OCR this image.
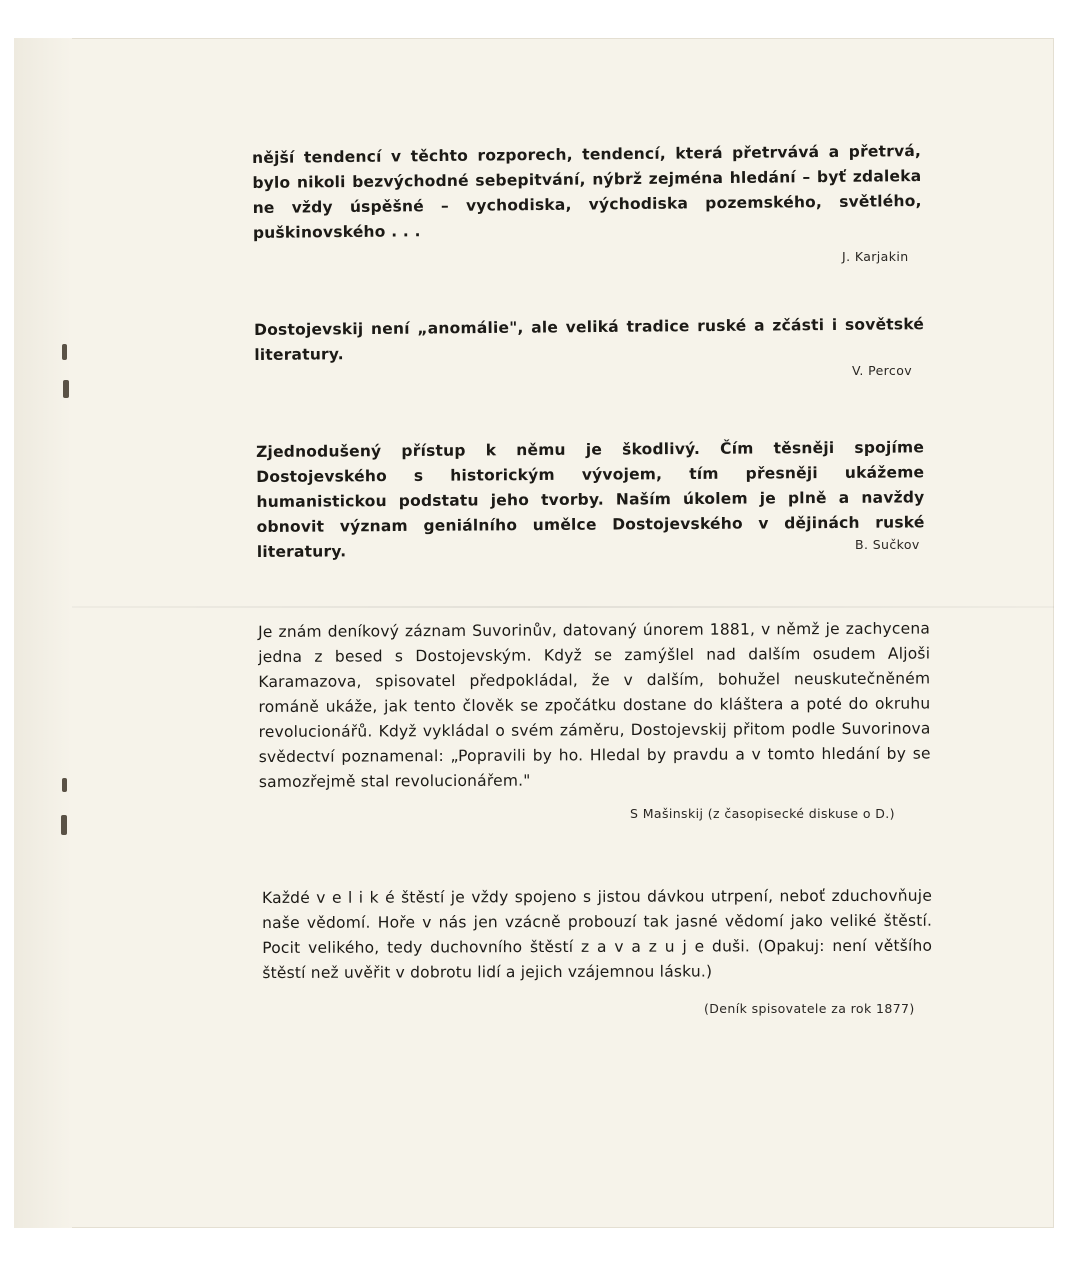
nější tendencí v těchto rozporech, tendencí, která přetrvává a přetrvá, bylo nikoli bezvýchodné sebepitvání, nýbrž zejména hledání – byť zdaleka ne vždy úspěšné – vychodiska, východiska pozemského, světlého, puškinovského . . .

J. Karjakin

Dostojevskij není „anomálie", ale veliká tradice ruské a zčásti i sovětské literatury.

V. Percov

Zjednodušený přístup k němu je škodlivý. Čím těsněji spojíme Dostojevského s historickým vývojem, tím přesněji ukážeme humanistickou podstatu jeho tvorby. Naším úkolem je plně a navždy obnovit význam geniálního umělce Dostojevského v dějinách ruské literatury.	B. Sučkov

Je znám deníkový záznam Suvorinův, datovaný únorem 1881, v němž je zachycena jedna z besed s Dostojevským. Když se zamýšlel nad dalším osudem Aljoši Karamazova, spisovatel předpokládal, že v dalším, bohužel neuskutečněném románě ukáže, jak tento člověk se zpočátku dostane do kláštera a poté do okruhu revolucionářů. Když vykládal o svém záměru, Dostojevskij přitom podle Suvorinova svědectví poznamenal: „Popravili by ho. Hledal by pravdu a v tomto hledání by se samozřejmě stal revolucionářem."

S Mašinskij (z časopisecké diskuse o D.)

Každé v e l i k é štěstí je vždy spojeno s jistou dávkou utrpení, neboť zduchovňuje naše vědomí. Hoře v nás jen vzácně probouzí tak jasné vědomí jako veliké štěstí. Pocit velikého, tedy duchovního štěstí z a v a z u j e duši. (Opakuj: není většího štěstí než uvěřit v dobrotu lidí a jejich vzájemnou lásku.)

(Deník spisovatele za rok 1877)
